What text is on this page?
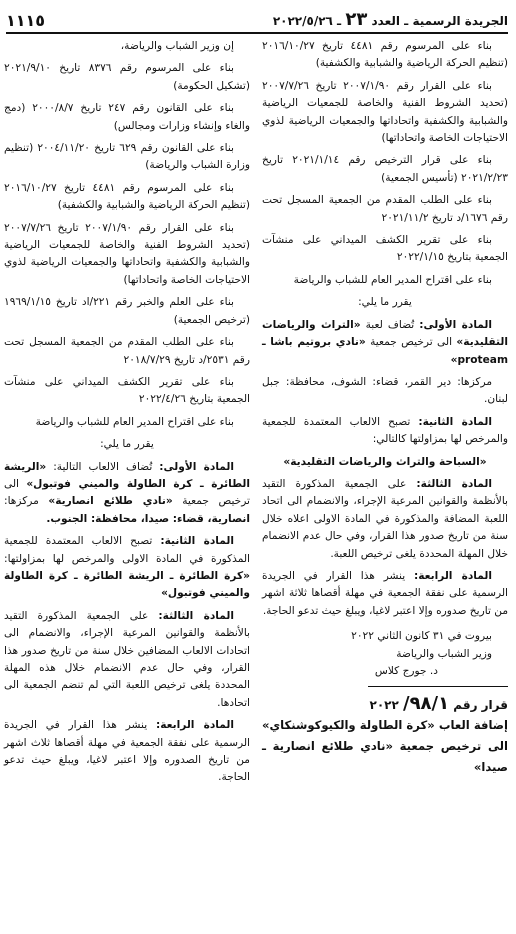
الجريدة الرسمية ـ العدد ٢٣ ـ ٢٠٢٢/٥/٢٦
١١١٥

بناء على المرسوم رقم ٤٤٨١ تاريخ ٢٠١٦/١٠/٢٧ (تنظيم الحركة الرياضية والشبابية والكشفية)

بناء على القرار رقم ٢٠٠٧/١/٩٠ تاريخ ٢٠٠٧/٧/٢٦ (تحديد الشروط الفنية والخاصة للجمعيات الرياضية والشبابية والكشفية واتحاداتها والجمعيات الرياضية لذوي الاحتياجات الخاصة واتحاداتها)

بناء على قرار الترخيص رقم ٢٠٢١/١/١٤ تاريخ ٢٠٢١/٢/٢٣ (تأسيس الجمعية)

بناء على الطلب المقدم من الجمعية المسجل تحت رقم ١٦٧٦/د تاريخ ٢٠٢١/١١/٢

بناء على تقرير الكشف الميداني على منشآت الجمعية بتاريخ ٢٠٢٢/١/١٥

بناء على اقتراح المدير العام للشباب والرياضة

يقرر ما يلي:

المادة الأولى: تُضاف لعبة «التراث والرياضات التقليدية» الى ترخيص جمعية «نادي بروتيم باشا ـ proteam»

مركزها: دير القمر، قضاء: الشوف، محافظة: جبل لبنان.

المادة الثانية: تصبح الالعاب المعتمدة للجمعية والمرخص لها بمزاولتها كالتالي:

«السباحة والتراث والرياضات التقليدية»

المادة الثالثة: على الجمعية المذكورة التقيد بالأنظمة والقوانين المرعية الإجراء، والانضمام الى اتحاد اللعبة المضافة والمذكورة في المادة الاولى اعلاه خلال سنة من تاريخ صدور هذا القرار، وفي حال عدم الانضمام خلال المهلة المحددة يلغى ترخيص اللعبة.

المادة الرابعة: ينشر هذا القرار في الجريدة الرسمية على نفقة الجمعية في مهلة أقصاها ثلاثة اشهر من تاريخ صدوره وإلا اعتبر لاغيا، ويبلغ حيث تدعو الحاجة.

بيروت في ٣١ كانون الثاني ٢٠٢٢

وزير الشباب والرياضة

د. جورج كلاس

قرار رقم ٩٨/١/ ٢٠٢٢

إضافة العاب «كرة الطاولة والكيوكوشنكاي» الى ترخيص جمعية «نادي طلائع انصارية ـ صيدا»

إن وزير الشباب والرياضة،

بناء على المرسوم رقم ٨٣٧٦ تاريخ ٢٠٢١/٩/١٠ (تشكيل الحكومة)

بناء على القانون رقم ٢٤٧ تاريخ ٢٠٠٠/٨/٧ (دمج والغاء وإنشاء وزارات ومجالس)

بناء على القانون رقم ٦٢٩ تاريخ ٢٠٠٤/١١/٢٠ (تنظيم وزارة الشباب والرياضة)

بناء على المرسوم رقم ٤٤٨١ تاريخ ٢٠١٦/١٠/٢٧ (تنظيم الحركة الرياضية والشبابية والكشفية)

بناء على القرار رقم ٢٠٠٧/١/٩٠ تاريخ ٢٠٠٧/٧/٢٦ (تحديد الشروط الفنية والخاصة للجمعيات الرياضية والشبابية والكشفية واتحاداتها والجمعيات الرياضية لذوي الاحتياجات الخاصة واتحاداتها)

بناء على العلم والخبر رقم ٢٢١/اد تاريخ ١٩٦٩/١/١٥ (ترخيص الجمعية)

بناء على الطلب المقدم من الجمعية المسجل تحت رقم ٢٥٣١/د تاريخ ٢٠١٨/٧/٢٩

بناء على تقرير الكشف الميداني على منشآت الجمعية بتاريخ ٢٠٢٢/٤/٢٦

بناء على اقتراح المدير العام للشباب والرياضة

يقرر ما يلي:

المادة الأولى: تُضاف الالعاب التالية: «الريشة الطائرة ـ كرة الطاولة والميني فوتبول» الى ترخيص جمعية «نادي طلائع انصارية» مركزها: انصارية، قضاء: صيدا، محافظة: الجنوب.

المادة الثانية: تصبح الالعاب المعتمدة للجمعية المذكورة في المادة الاولى والمرخص لها بمزاولتها: «كرة الطائرة ـ الريشة الطائرة ـ كرة الطاولة والميني فوتبول»

المادة الثالثة: على الجمعية المذكورة التقيد بالأنظمة والقوانين المرعية الإجراء، والانضمام الى اتحادات الالعاب المضافين خلال سنة من تاريخ صدور هذا القرار، وفي حال عدم الانضمام خلال هذه المهلة المحددة يلغى ترخيص اللعبة التي لم تنضم الجمعية الى اتحادها.

المادة الرابعة: ينشر هذا القرار في الجريدة الرسمية على نفقة الجمعية في مهلة أقصاها ثلاث اشهر من تاريخ الصدوره وإلا اعتبر لاغيا، ويبلغ حيث تدعو الحاجة.
